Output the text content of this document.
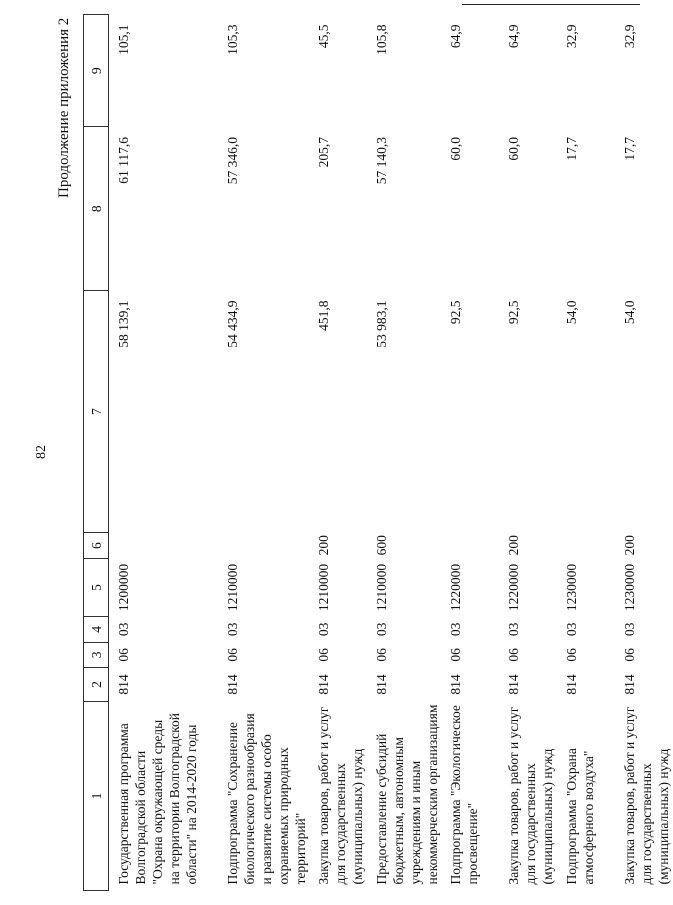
82
Продолжение приложения 2
1	2	3	4	5	6	7	8	9
Государственная программа Волгоградской области "Охрана окружающей среды на территории Волгоградской области" на 2014-2020 годы	814	06	03	1200000		58 139,1	61 117,6	105,1
Подпрограмма "Сохранение биологического разнообразия и развитие системы особо охраняемых природных территорий"	814	06	03	1210000		54 434,9	57 346,0	105,3
Закупка товаров, работ и услуг для государственных (муниципальных) нужд	814	06	03	1210000	200	451,8	205,7	45,5
Предоставление субсидий бюджетным, автономным учреждениям и иным некоммерческим организациям	814	06	03	1210000	600	53 983,1	57 140,3	105,8
Подпрограмма "Экологическое просвещение"	814	06	03	1220000		92,5	60,0	64,9
Закупка товаров, работ и услуг для государственных (муниципальных) нужд	814	06	03	1220000	200	92,5	60,0	64,9
Подпрограмма "Охрана атмосферного воздуха"	814	06	03	1230000		54,0	17,7	32,9
Закупка товаров, работ и услуг для государственных (муниципальных) нужд	814	06	03	1230000	200	54,0	17,7	32,9
